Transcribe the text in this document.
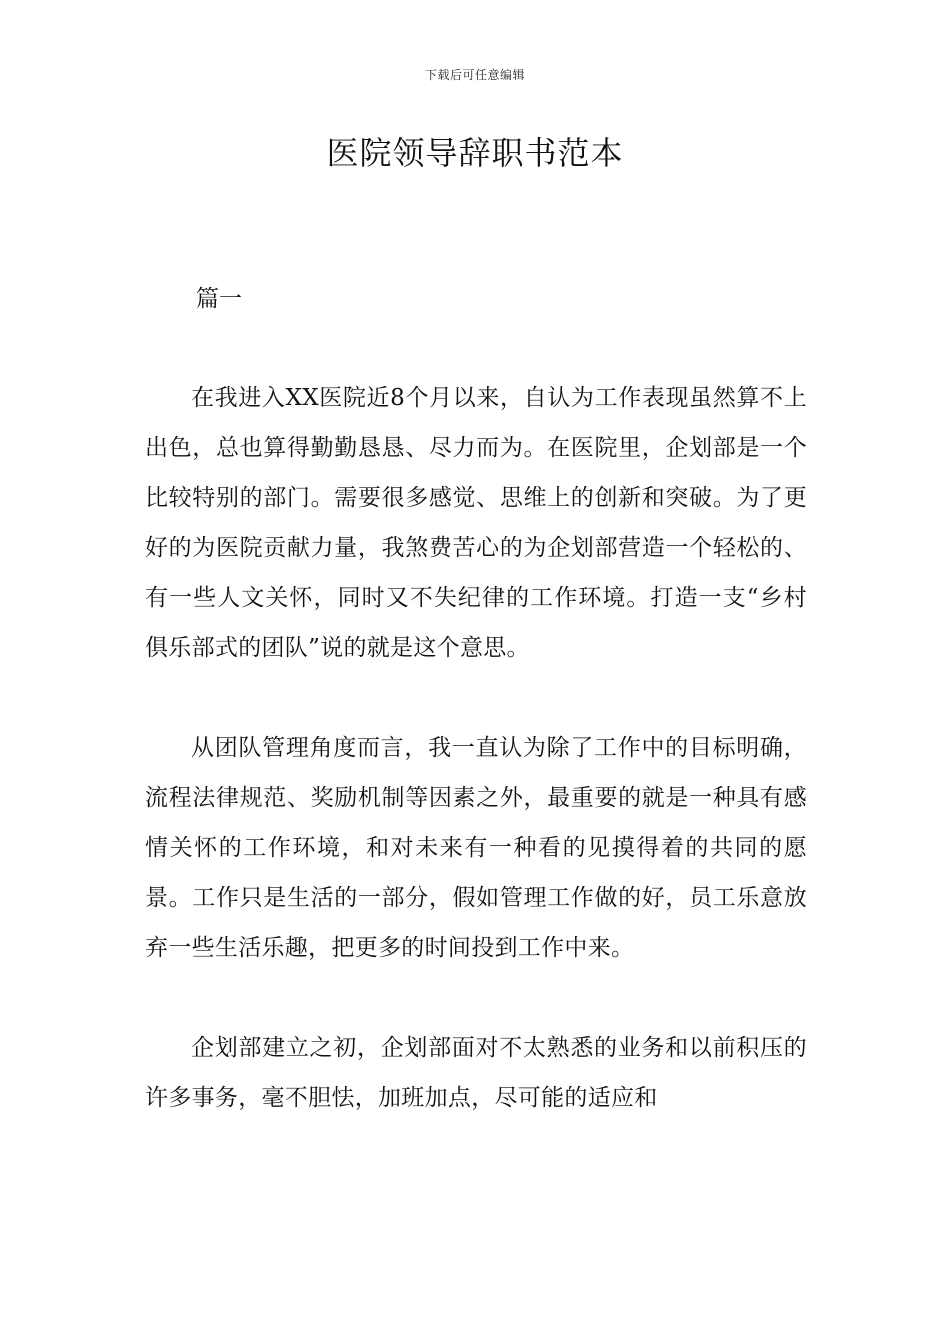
下载后可任意编辑
医院领导辞职书范本
篇一

在我进入XX医院近8个月以来，自认为工作表现虽然算不上出色，总也算得勤勤恳恳、尽力而为。在医院里，企划部是一个比较特别的部门。需要很多感觉、思维上的创新和突破。为了更好的为医院贡献力量，我煞费苦心的为企划部营造一个轻松的、有一些人文关怀，同时又不失纪律的工作环境。打造一支“乡村俱乐部式的团队”说的就是这个意思。

从团队管理角度而言，我一直认为除了工作中的目标明确，流程法律规范、奖励机制等因素之外，最重要的就是一种具有感情关怀的工作环境，和对未来有一种看的见摸得着的共同的愿景。工作只是生活的一部分，假如管理工作做的好，员工乐意放弃一些生活乐趣，把更多的时间投到工作中来。

企划部建立之初，企划部面对不太熟悉的业务和以前积压的许多事务，毫不胆怯，加班加点，尽可能的适应和
